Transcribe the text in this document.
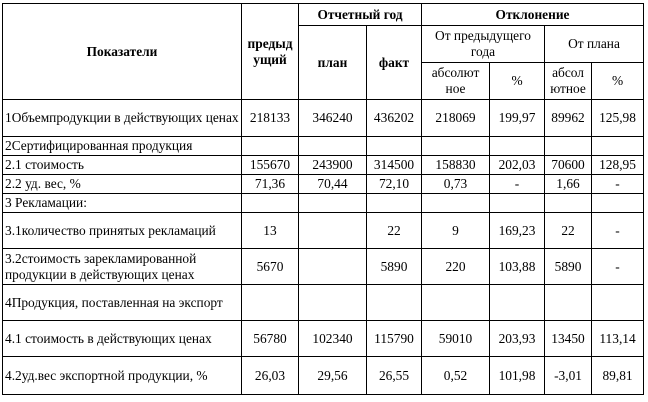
Показатели	предыд ущий	Отчетный год		Отклонение			
		план	факт	От предыдущего года		От плана	
				абсолют ное	%	абсол ютное	%
1Объемпродукции в действующих ценах	218133	346240	436202	218069	199,97	89962	125,98
2Сертифицированная продукция							
2.1 стоимость	155670	243900	314500	158830	202,03	70600	128,95
2.2 уд. вес, %	71,36	70,44	72,10	0,73	-	1,66	-
3 Рекламации:							
3.1количество принятых рекламаций	13		22	9	169,23	22	-
3.2стоимость зарекламированной продукции в действующих ценах	5670		5890	220	103,88	5890	-
4Продукция, поставленная на экспорт							
4.1 стоимость в действующих ценах	56780	102340	115790	59010	203,93	13450	113,14
4.2уд.вес экспортной продукции, %	26,03	29,56	26,55	0,52	101,98	-3,01	89,81
